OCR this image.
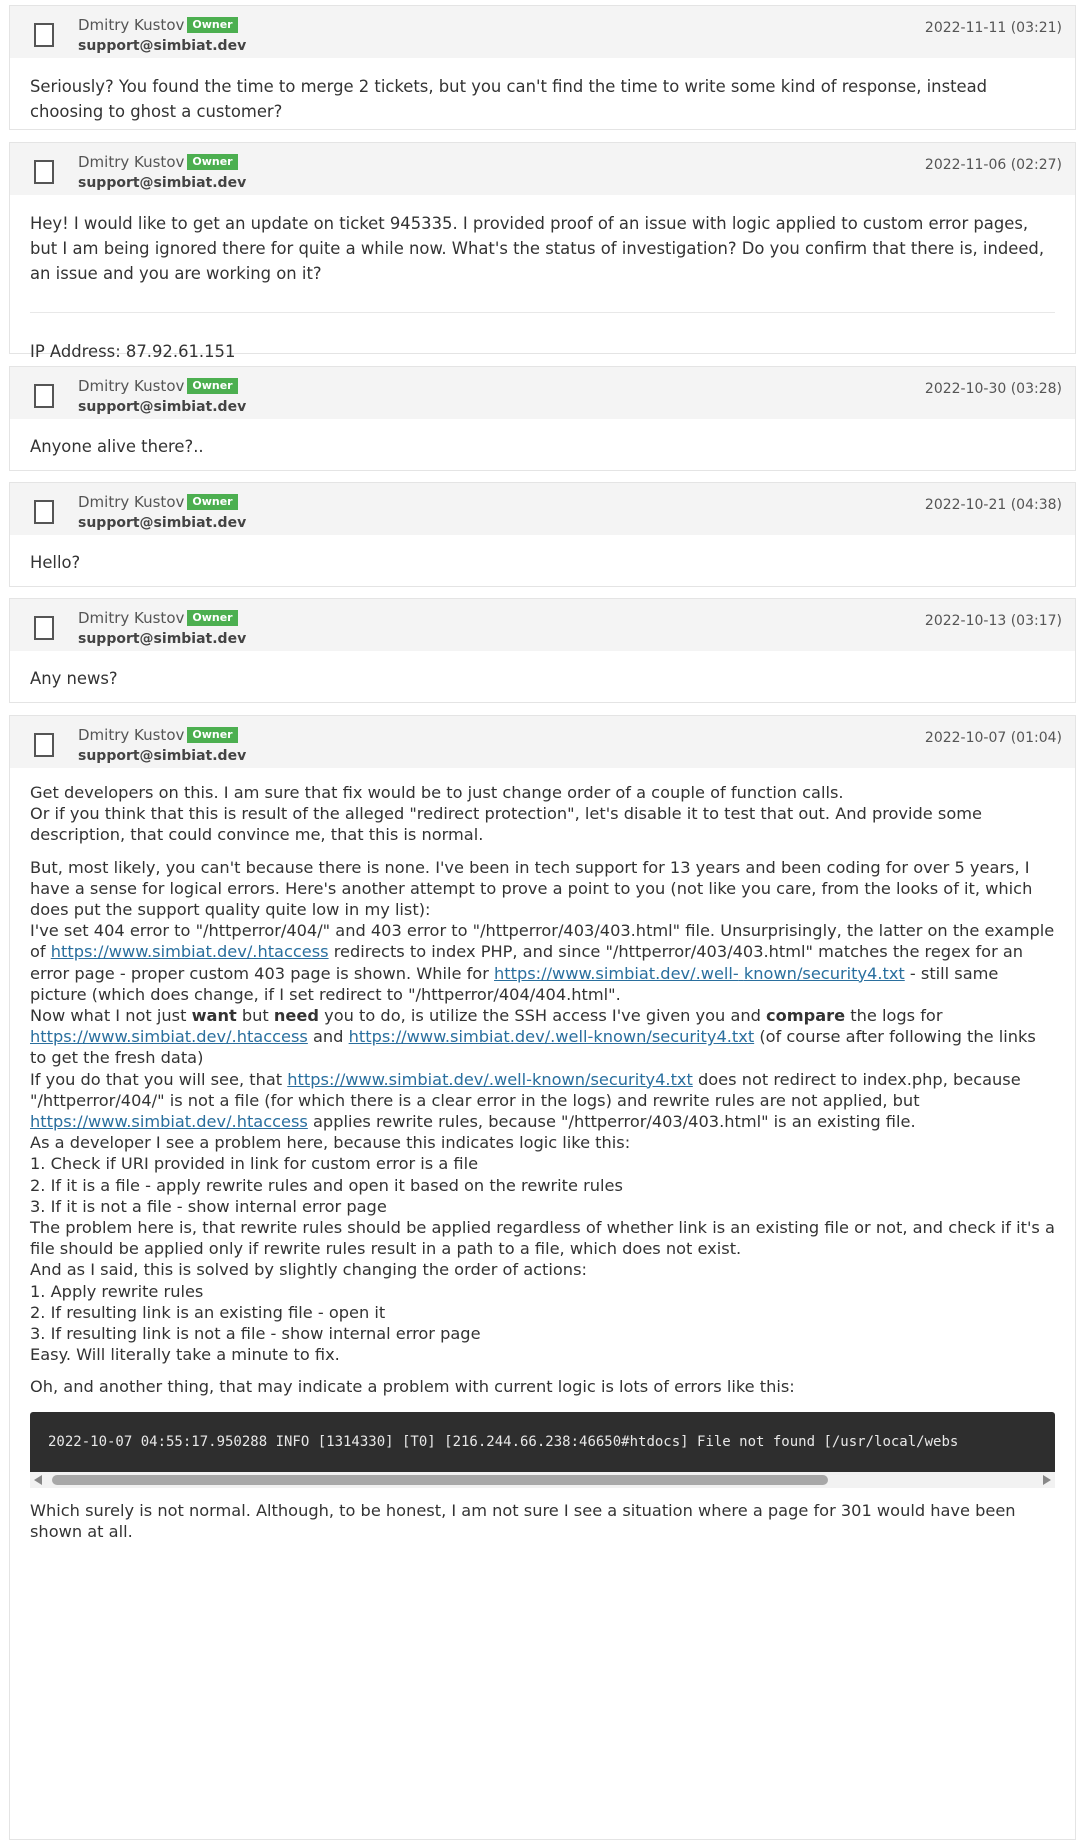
Dmitry Kustov Owner
support@simbiat.dev
2022-11-11 (03:21)

Seriously? You found the time to merge 2 tickets, but you can't find the time to write some kind of response, instead choosing to ghost a customer?

Dmitry Kustov Owner
support@simbiat.dev
2022-11-06 (02:27)

Hey! I would like to get an update on ticket 945335. I provided proof of an issue with logic applied to custom error pages, but I am being ignored there for quite a while now. What's the status of investigation? Do you confirm that there is, indeed, an issue and you are working on it?

IP Address: 87.92.61.151

Dmitry Kustov Owner
support@simbiat.dev
2022-10-30 (03:28)

Anyone alive there?..

Dmitry Kustov Owner
support@simbiat.dev
2022-10-21 (04:38)

Hello?

Dmitry Kustov Owner
support@simbiat.dev
2022-10-13 (03:17)

Any news?

Dmitry Kustov Owner
support@simbiat.dev
2022-10-07 (01:04)

Get developers on this. I am sure that fix would be to just change order of a couple of function calls.
Or if you think that this is result of the alleged "redirect protection", let's disable it to test that out. And provide some description, that could convince me, that this is normal.

But, most likely, you can't because there is none. I've been in tech support for 13 years and been coding for over 5 years, I have a sense for logical errors. Here's another attempt to prove a point to you (not like you care, from the looks of it, which does put the support quality quite low in my list):
I've set 404 error to "/httperror/404/" and 403 error to "/httperror/403/403.html" file. Unsurprisingly, the latter on the example of https://www.simbiat.dev/.htaccess redirects to index PHP, and since "/httperror/403/403.html" matches the regex for an error page - proper custom 403 page is shown. While for https://www.simbiat.dev/.well- known/security4.txt - still same picture (which does change, if I set redirect to "/httperror/404/404.html".
Now what I not just want but need you to do, is utilize the SSH access I've given you and compare the logs for https://www.simbiat.dev/.htaccess and https://www.simbiat.dev/.well-known/security4.txt (of course after following the links to get the fresh data)
If you do that you will see, that https://www.simbiat.dev/.well-known/security4.txt does not redirect to index.php, because "/httperror/404/" is not a file (for which there is a clear error in the logs) and rewrite rules are not applied, but https://www.simbiat.dev/.htaccess applies rewrite rules, because "/httperror/403/403.html" is an existing file.
As a developer I see a problem here, because this indicates logic like this:
1. Check if URI provided in link for custom error is a file
2. If it is a file - apply rewrite rules and open it based on the rewrite rules
3. If it is not a file - show internal error page
The problem here is, that rewrite rules should be applied regardless of whether link is an existing file or not, and check if it's a file should be applied only if rewrite rules result in a path to a file, which does not exist.
And as I said, this is solved by slightly changing the order of actions:
1. Apply rewrite rules
2. If resulting link is an existing file - open it
3. If resulting link is not a file - show internal error page
Easy. Will literally take a minute to fix.

Oh, and another thing, that may indicate a problem with current logic is lots of errors like this:

2022-10-07 04:55:17.950288 INFO [1314330] [T0] [216.244.66.238:46650#htdocs] File not found [/usr/local/webs

Which surely is not normal. Although, to be honest, I am not sure I see a situation where a page for 301 would have been shown at all.
